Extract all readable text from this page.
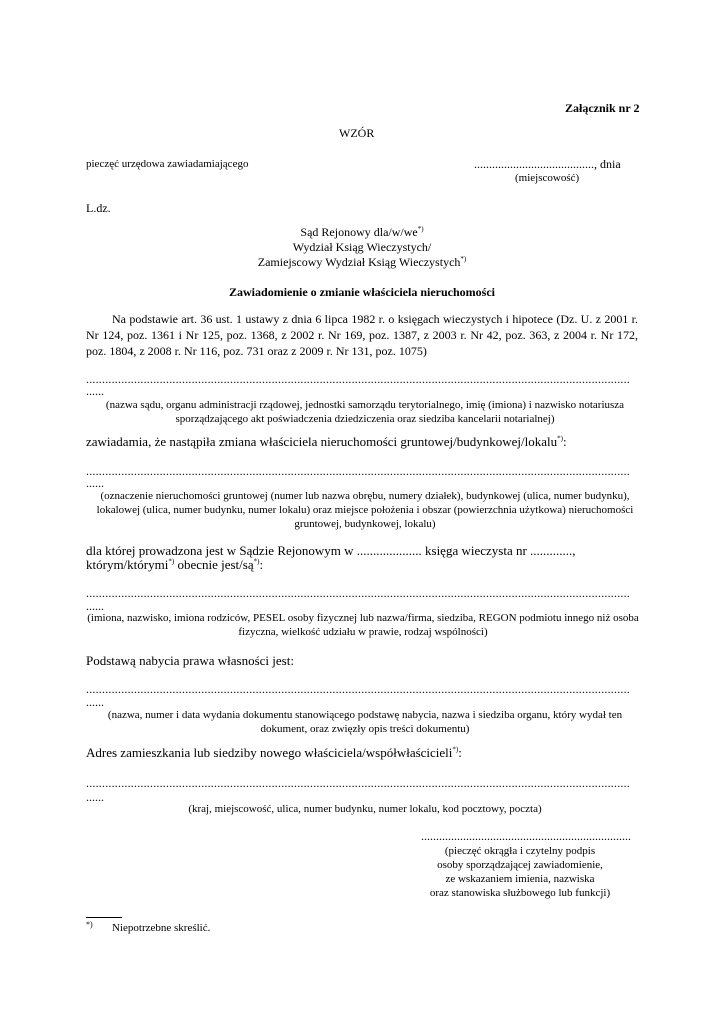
Załącznik nr 2
WZÓR
pieczęć urzędowa zawiadamiającego	........................................, dnia
(miejscowość)
L.dz.
Sąd Rejonowy dla/w/we*)
Wydział Ksiąg Wieczystych/
Zamiejscowy Wydział Ksiąg Wieczystych*)
Zawiadomienie o zmianie właściciela nieruchomości
Na podstawie art. 36 ust. 1 ustawy z dnia 6 lipca 1982 r. o księgach wieczystych i hipotece (Dz. U. z 2001 r. Nr 124, poz. 1361 i Nr 125, poz. 1368, z 2002 r. Nr 169, poz. 1387, z 2003 r. Nr 42, poz. 363, z 2004 r. Nr 172, poz. 1804, z 2008 r. Nr 116, poz. 731 oraz z 2009 r. Nr 131, poz. 1075)
..........................................................................................................................................................................
......
(nazwa sądu, organu administracji rządowej, jednostki samorządu terytorialnego, imię (imiona) i nazwisko notariusza sporządzającego akt poświadczenia dziedziczenia oraz siedziba kancelarii notarialnej)
zawiadamia, że nastąpiła zmiana właściciela nieruchomości gruntowej/budynkowej/lokalu*):
..........................................................................................................................................................................
......
(oznaczenie nieruchomości gruntowej (numer lub nazwa obrębu, numery działek), budynkowej (ulica, numer budynku), lokalowej (ulica, numer budynku, numer lokalu) oraz miejsce położenia i obszar (powierzchnia użytkowa) nieruchomości gruntowej, budynkowej, lokalu)
dla której prowadzona jest w Sądzie Rejonowym w .................... księga wieczysta nr .............,
którym/którymi*) obecnie jest/są*):
..........................................................................................................................................................................
......
(imiona, nazwisko, imiona rodziców, PESEL osoby fizycznej lub nazwa/firma, siedziba, REGON podmiotu innego niż osoba fizyczna, wielkość udziału w prawie, rodzaj wspólności)
Podstawą nabycia prawa własności jest:
..........................................................................................................................................................................
......
(nazwa, numer i data wydania dokumentu stanowiącego podstawę nabycia, nazwa i siedziba organu, który wydał ten dokument, oraz zwięzły opis treści dokumentu)
Adres zamieszkania lub siedziby nowego właściciela/współwłaścicieli*):
..........................................................................................................................................................................
......
(kraj, miejscowość, ulica, numer budynku, numer lokalu, kod pocztowy, poczta)
......................................................................
(pieczęć okrągła i czytelny podpis
osoby sporządzającej zawiadomienie,
ze wskazaniem imienia, nazwiska
oraz stanowiska służbowego lub funkcji)
*) Niepotrzebne skreślić.
